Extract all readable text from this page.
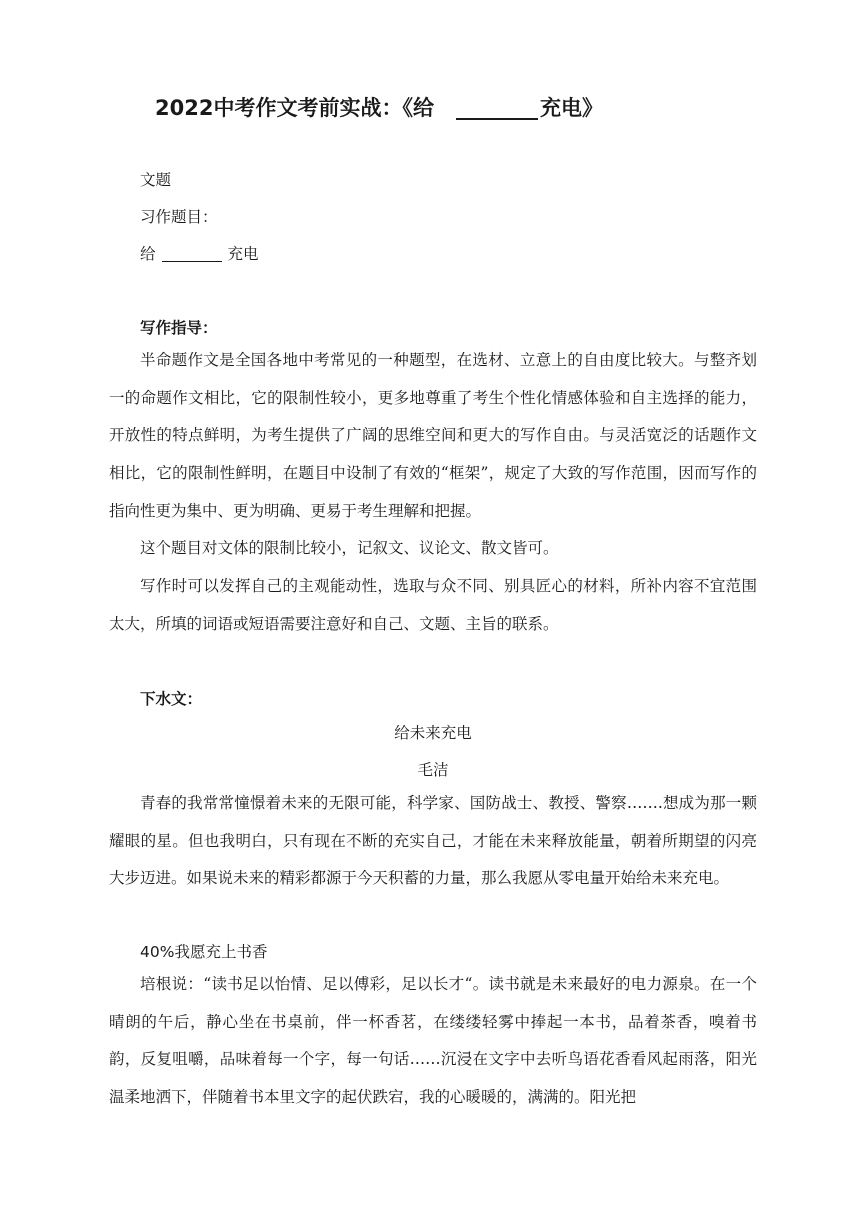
2022中考作文考前实战：《给	充电》
文题
习作题目：
给	充电
写作指导：
半命题作文是全国各地中考常见的一种题型，在选材、立意上的自由度比较大。与整齐划一的命题作文相比，它的限制性较小，更多地尊重了考生个性化情感体验和自主选择的能力，开放性的特点鲜明，为考生提供了广阔的思维空间和更大的写作自由。与灵活宽泛的话题作文相比，它的限制性鲜明，在题目中设制了有效的“框架”，规定了大致的写作范围，因而写作的指向性更为集中、更为明确、更易于考生理解和把握。
这个题目对文体的限制比较小，记叙文、议论文、散文皆可。
写作时可以发挥自己的主观能动性，选取与众不同、别具匠心的材料，所补内容不宜范围太大，所填的词语或短语需要注意好和自己、文题、主旨的联系。
下水文：
给未来充电
毛洁
青春的我常常憧憬着未来的无限可能，科学家、国防战士、教授、警察…….想成为那一颗耀眼的星。但也我明白，只有现在不断的充实自己，才能在未来释放能量，朝着所期望的闪亮大步迈进。如果说未来的精彩都源于今天积蓄的力量，那么我愿从零电量开始给未来充电。
40%我愿充上书香
培根说：“读书足以怡情、足以傅彩，足以长才“。读书就是未来最好的电力源泉。在一个晴朗的午后，静心坐在书桌前，伴一杯香茗，在缕缕轻雾中捧起一本书，品着茶香，嗅着书韵，反复咀嚼，品味着每一个字，每一句话……沉浸在文字中去听鸟语花香看风起雨落，阳光温柔地洒下，伴随着书本里文字的起伏跌宕，我的心暖暖的，满满的。阳光把
